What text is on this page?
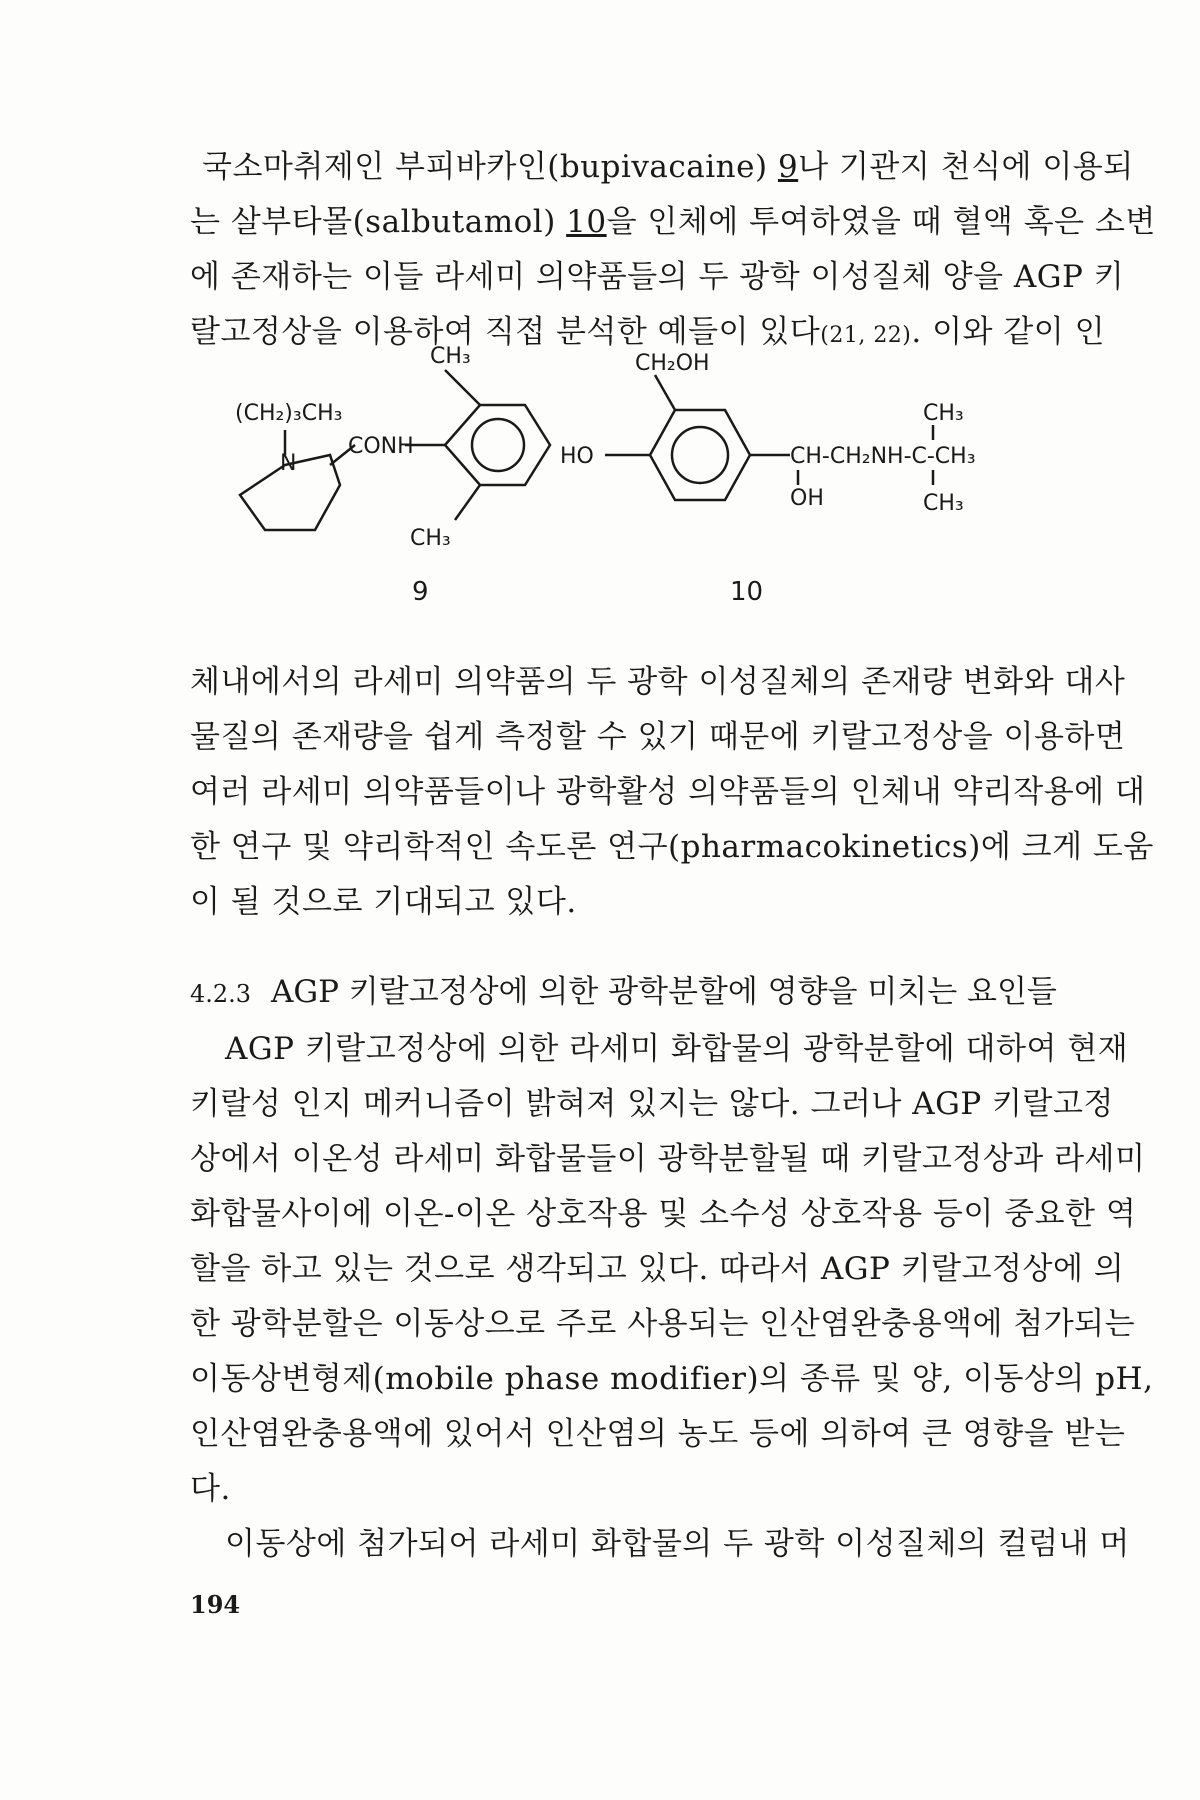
국소마취제인 부피바카인(bupivacaine) 9나 기관지 천식에 이용되
는 살부타몰(salbutamol) 10을 인체에 투여하였을 때 혈액 혹은 소변
에 존재하는 이들 라세미 의약품들의 두 광학 이성질체 양을 AGP 키
랄고정상을 이용하여 직접 분석한 예들이 있다(21, 22). 이와 같이 인
(CH₂)₃CH₃
N
CONH
CH₃
CH₃
9
CH₂OH
HO	CH-CH₂NH-C-CH₃
OH
CH₃
CH₃
10
체내에서의 라세미 의약품의 두 광학 이성질체의 존재량 변화와 대사
물질의 존재량을 쉽게 측정할 수 있기 때문에 키랄고정상을 이용하면
여러 라세미 의약품들이나 광학활성 의약품들의 인체내 약리작용에 대
한 연구 및 약리학적인 속도론 연구(pharmacokinetics)에 크게 도움
이 될 것으로 기대되고 있다.
4.2.3 AGP 키랄고정상에 의한 광학분할에 영향을 미치는 요인들
AGP 키랄고정상에 의한 라세미 화합물의 광학분할에 대하여 현재
키랄성 인지 메커니즘이 밝혀져 있지는 않다. 그러나 AGP 키랄고정
상에서 이온성 라세미 화합물들이 광학분할될 때 키랄고정상과 라세미
화합물사이에 이온-이온 상호작용 및 소수성 상호작용 등이 중요한 역
할을 하고 있는 것으로 생각되고 있다. 따라서 AGP 키랄고정상에 의
한 광학분할은 이동상으로 주로 사용되는 인산염완충용액에 첨가되는
이동상변형제(mobile phase modifier)의 종류 및 양, 이동상의 pH,
인산염완충용액에 있어서 인산염의 농도 등에 의하여 큰 영향을 받는
다.
이동상에 첨가되어 라세미 화합물의 두 광학 이성질체의 컬럼내 머
194
